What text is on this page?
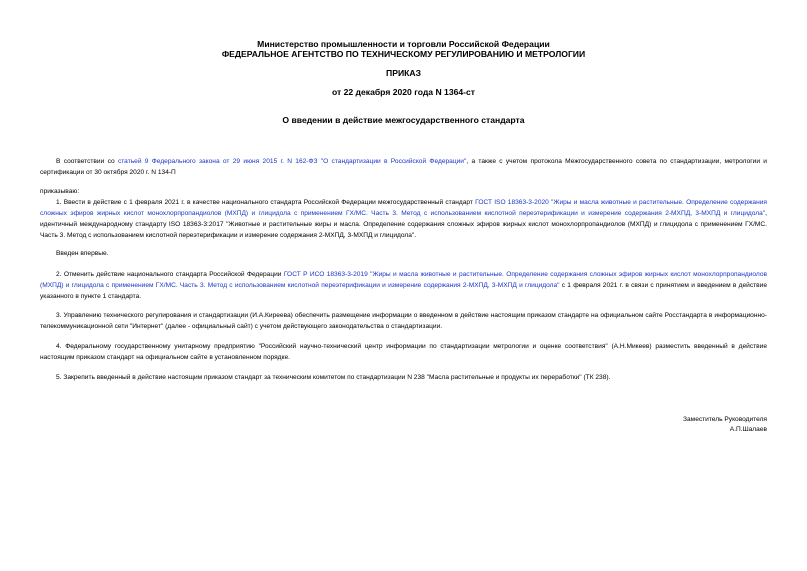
Министерство промышленности и торговли Российской Федерации
ФЕДЕРАЛЬНОЕ АГЕНТСТВО ПО ТЕХНИЧЕСКОМУ РЕГУЛИРОВАНИЮ И МЕТРОЛОГИИ
ПРИКАЗ
от 22 декабря 2020 года N 1364-ст
О введении в действие межгосударственного стандарта
В соответствии со статьей 9 Федерального закона от 29 июня 2015 г. N 162-ФЗ "О стандартизации в Российской Федерации", а также с учетом протокола Межгосударственного совета по стандартизации, метрологии и сертификации от 30 октября 2020 г. N 134-П
приказываю:
1. Ввести в действие с 1 февраля 2021 г. в качестве национального стандарта Российской Федерации межгосударственный стандарт ГОСТ ISO 18363-3-2020 "Жиры и масла животные и растительные. Определение содержания сложных эфиров жирных кислот монохлорпропандиолов (МХПД) и глицидола с применением ГХ/МС. Часть 3. Метод с использованием кислотной переэтерификации и измерение содержания 2-МХПД, 3-МХПД и глицидола", идентичный международному стандарту ISO 18363-3:2017 "Животные и растительные жиры и масла. Определение содержания сложных эфиров жирных кислот монохлорпропандиолов (МХПД) и глицидола с применением ГХ/МС. Часть 3. Метод с использованием кислотной переэтерификации и измерение содержания 2-МХПД, 3-МХПД и глицидола".
Введен впервые.
2. Отменить действие национального стандарта Российской Федерации ГОСТ Р ИСО 18363-3-2019 "Жиры и масла животные и растительные. Определение содержания сложных эфиров жирных кислот монохлорпропандиолов (МХПД) и глицидола с применением ГХ/МС. Часть 3. Метод с использованием кислотной переэтерификации и измерение содержания 2-МХПД, 3-МХПД и глицидола" с 1 февраля 2021 г. в связи с принятием и введением в действие указанного в пункте 1 стандарта.
3. Управлению технического регулирования и стандартизации (И.А.Киреева) обеспечить размещение информации о введенном в действие настоящим приказом стандарте на официальном сайте Росстандарта в информационно-телекоммуникационной сети "Интернет" (далее - официальный сайт) с учетом действующего законодательства о стандартизации.
4. Федеральному государственному унитарному предприятию "Российский научно-технический центр информации по стандартизации метрологии и оценке соответствия" (А.Н.Микеев) разместить введенный в действие настоящим приказом стандарт на официальном сайте в установленном порядке.
5. Закрепить введенный в действие настоящим приказом стандарт за техническим комитетом по стандартизации N 238 "Масла растительные и продукты их переработки" (ТК 238).
Заместитель Руководителя
А.П.Шалаев
